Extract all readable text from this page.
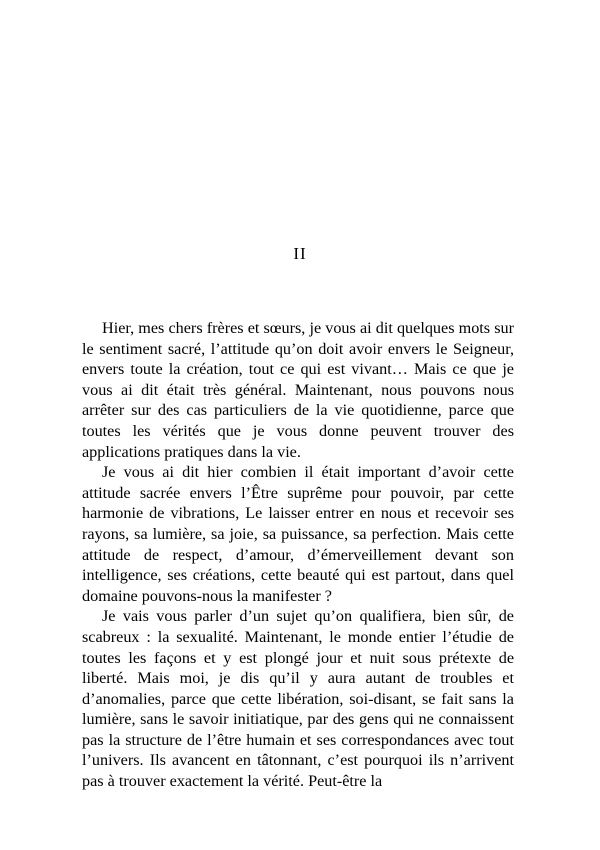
II

Hier, mes chers frères et sœurs, je vous ai dit quelques mots sur le sentiment sacré, l’attitude qu’on doit avoir envers le Seigneur, envers toute la création, tout ce qui est vivant… Mais ce que je vous ai dit était très général. Maintenant, nous pouvons nous arrêter sur des cas particuliers de la vie quotidienne, parce que toutes les vérités que je vous donne peuvent trouver des applications pratiques dans la vie.

Je vous ai dit hier combien il était important d’avoir cette attitude sacrée envers l’Être suprême pour pouvoir, par cette harmonie de vibrations, Le laisser entrer en nous et recevoir ses rayons, sa lumière, sa joie, sa puissance, sa perfection. Mais cette attitude de respect, d’amour, d’émerveillement devant son intelligence, ses créations, cette beauté qui est partout, dans quel domaine pouvons-nous la manifester ?

Je vais vous parler d’un sujet qu’on qualifiera, bien sûr, de scabreux : la sexualité. Maintenant, le monde entier l’étudie de toutes les façons et y est plongé jour et nuit sous prétexte de liberté. Mais moi, je dis qu’il y aura autant de troubles et d’anomalies, parce que cette libération, soi-disant, se fait sans la lumière, sans le savoir initiatique, par des gens qui ne connaissent pas la structure de l’être humain et ses correspondances avec tout l’univers. Ils avancent en tâtonnant, c’est pourquoi ils n’arrivent pas à trouver exactement la vérité. Peut-être la
